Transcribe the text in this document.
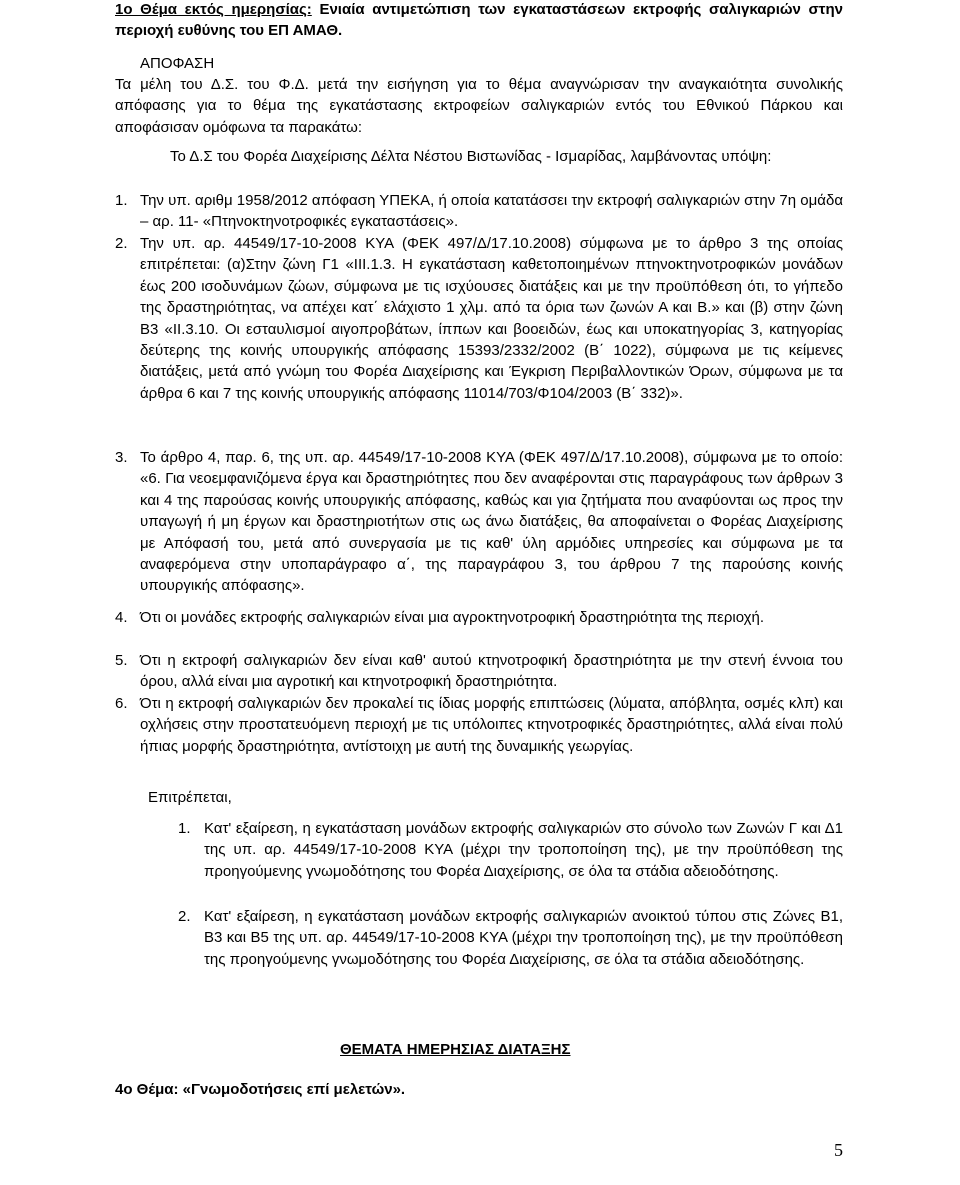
1ο Θέμα εκτός ημερησίας: Ενιαία αντιμετώπιση των εγκαταστάσεων εκτροφής σαλιγκαριών στην περιοχή ευθύνης του ΕΠ ΑΜΑΘ.
ΑΠΟΦΑΣΗ
Τα μέλη του Δ.Σ. του Φ.Δ. μετά την εισήγηση για το θέμα αναγνώρισαν την αναγκαιότητα συνολικής απόφασης για το θέμα της εγκατάστασης εκτροφείων σαλιγκαριών εντός του Εθνικού Πάρκου και αποφάσισαν ομόφωνα τα παρακάτω:
Το Δ.Σ του Φορέα Διαχείρισης Δέλτα Νέστου Βιστωνίδας - Ισμαρίδας, λαμβάνοντας υπόψη:
1. Την υπ. αριθμ 1958/2012 απόφαση ΥΠΕΚΑ, ή οποία κατατάσσει την εκτροφή σαλιγκαριών στην 7η ομάδα – αρ. 11- «Πτηνοκτηνοτροφικές εγκαταστάσεις».
2. Την υπ. αρ. 44549/17-10-2008 ΚΥΑ (ΦΕΚ 497/Δ/17.10.2008) σύμφωνα με το άρθρο 3 της οποίας επιτρέπεται: (α)Στην ζώνη Γ1 «ΙΙΙ.1.3. Η εγκατάσταση καθετοποιημένων πτηνοκτηνοτροφικών μονάδων έως 200 ισοδυνάμων ζώων, σύμφωνα με τις ισχύουσες διατάξεις και με την προϋπόθεση ότι, το γήπεδο της δραστηριότητας, να απέχει κατ΄ ελάχιστο 1 χλμ. από τα όρια των ζωνών Α και Β.» και (β) στην ζώνη Β3 «ΙΙ.3.10. Οι εσταυλισμοί αιγοπροβάτων, ίππων και βοοειδών, έως και υποκατηγορίας 3, κατηγορίας δεύτερης της κοινής υπουργικής απόφασης 15393/2332/2002 (Β΄ 1022), σύμφωνα με τις κείμενες διατάξεις, μετά από γνώμη του Φορέα Διαχείρισης και Έγκριση Περιβαλλοντικών Όρων, σύμφωνα με τα άρθρα 6 και 7 της κοινής υπουργικής απόφασης 11014/703/Φ104/2003 (Β΄ 332)».
3. Το άρθρο 4, παρ. 6, της υπ. αρ. 44549/17-10-2008 ΚΥΑ (ΦΕΚ 497/Δ/17.10.2008), σύμφωνα με το οποίο: «6. Για νεοεμφανιζόμενα έργα και δραστηριότητες που δεν αναφέρονται στις παραγράφους των άρθρων 3 και 4 της παρούσας κοινής υπουργικής απόφασης, καθώς και για ζητήματα που αναφύονται ως προς την υπαγωγή ή μη έργων και δραστηριοτήτων στις ως άνω διατάξεις, θα αποφαίνεται ο Φορέας Διαχείρισης με Απόφασή του, μετά από συνεργασία με τις καθ' ύλη αρμόδιες υπηρεσίες και σύμφωνα με τα αναφερόμενα στην υποπαράγραφο α΄, της παραγράφου 3, του άρθρου 7 της παρούσης κοινής υπουργικής απόφασης».
4. Ότι οι μονάδες εκτροφής σαλιγκαριών είναι μια αγροκτηνοτροφική δραστηριότητα της περιοχή.
5. Ότι η εκτροφή σαλιγκαριών δεν είναι καθ' αυτού κτηνοτροφική δραστηριότητα με την στενή έννοια του όρου, αλλά είναι μια αγροτική και κτηνοτροφική δραστηριότητα.
6. Ότι η εκτροφή σαλιγκαριών δεν προκαλεί τις ίδιας μορφής επιπτώσεις (λύματα, απόβλητα, οσμές κλπ) και οχλήσεις στην προστατευόμενη περιοχή με τις υπόλοιπες κτηνοτροφικές δραστηριότητες, αλλά είναι πολύ ήπιας μορφής δραστηριότητα, αντίστοιχη με αυτή της δυναμικής γεωργίας.
Επιτρέπεται,
1. Κατ' εξαίρεση, η εγκατάσταση μονάδων εκτροφής σαλιγκαριών στο σύνολο των Ζωνών Γ και Δ1 της υπ. αρ. 44549/17-10-2008 ΚΥΑ (μέχρι την τροποποίηση της), με την προϋπόθεση της προηγούμενης γνωμοδότησης του Φορέα Διαχείρισης, σε όλα τα στάδια αδειοδότησης.
2. Κατ' εξαίρεση, η εγκατάσταση μονάδων εκτροφής σαλιγκαριών ανοικτού τύπου στις Ζώνες Β1, Β3 και Β5 της υπ. αρ. 44549/17-10-2008 ΚΥΑ (μέχρι την τροποποίηση της), με την προϋπόθεση της προηγούμενης γνωμοδότησης του Φορέα Διαχείρισης, σε όλα τα στάδια αδειοδότησης.
ΘΕΜΑΤΑ ΗΜΕΡΗΣΙΑΣ ΔΙΑΤΑΞΗΣ
4ο Θέμα: «Γνωμοδοτήσεις επί μελετών».
5
